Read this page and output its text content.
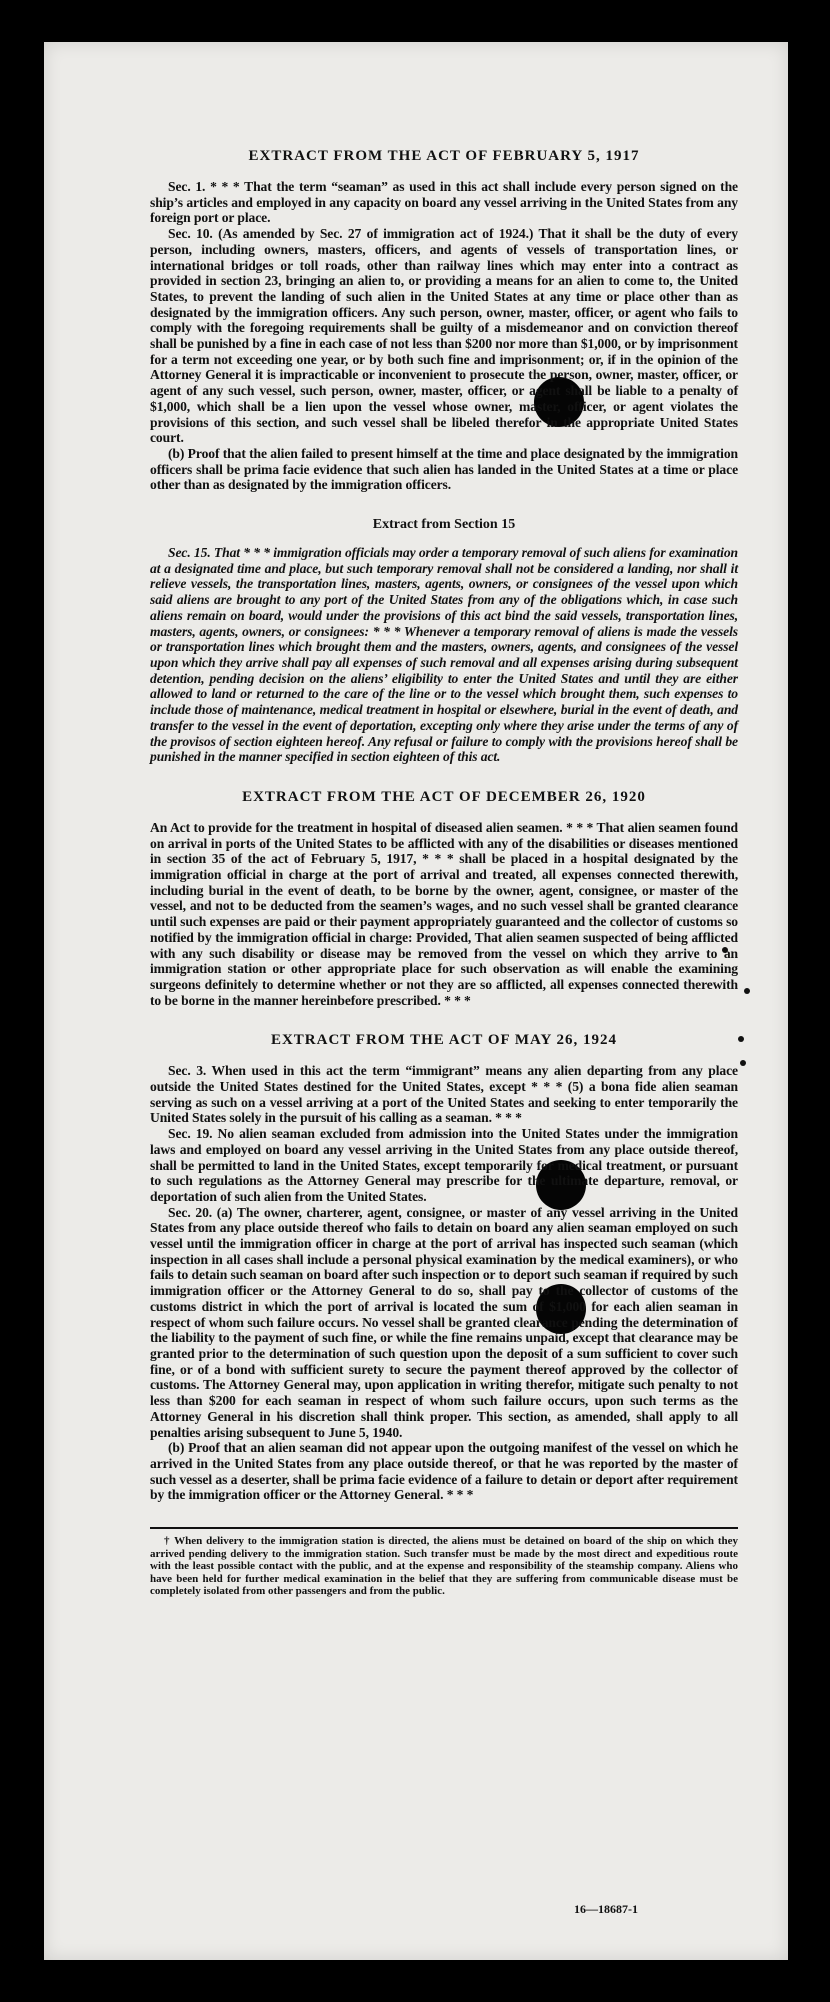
EXTRACT FROM THE ACT OF FEBRUARY 5, 1917

Sec. 1. * * * That the term “seaman” as used in this act shall include every person signed on the ship’s articles and employed in any capacity on board any vessel arriving in the United States from any foreign port or place.

Sec. 10. (As amended by Sec. 27 of immigration act of 1924.) That it shall be the duty of every person, including owners, masters, officers, and agents of vessels of transportation lines, or international bridges or toll roads, other than railway lines which may enter into a contract as provided in section 23, bringing an alien to, or providing a means for an alien to come to, the United States, to prevent the landing of such alien in the United States at any time or place other than as designated by the immigration officers. Any such person, owner, master, officer, or agent who fails to comply with the foregoing requirements shall be guilty of a misdemeanor and on conviction thereof shall be punished by a fine in each case of not less than $200 nor more than $1,000, or by imprisonment for a term not exceeding one year, or by both such fine and imprisonment; or, if in the opinion of the Attorney General it is impracticable or inconvenient to prosecute the person, owner, master, officer, or agent of any such vessel, such person, owner, master, officer, or agent shall be liable to a penalty of $1,000, which shall be a lien upon the vessel whose owner, master, officer, or agent violates the provisions of this section, and such vessel shall be libeled therefor in the appropriate United States court.

(b) Proof that the alien failed to present himself at the time and place designated by the immigration officers shall be prima facie evidence that such alien has landed in the United States at a time or place other than as designated by the immigration officers.

Extract from Section 15

Sec. 15. That * * * immigration officials may order a temporary removal of such aliens for examination at a designated time and place, but such temporary removal shall not be considered a landing, nor shall it relieve vessels, the transportation lines, masters, agents, owners, or consignees of the vessel upon which said aliens are brought to any port of the United States from any of the obligations which, in case such aliens remain on board, would under the provisions of this act bind the said vessels, transportation lines, masters, agents, owners, or consignees: * * * Whenever a temporary removal of aliens is made the vessels or transportation lines which brought them and the masters, owners, agents, and consignees of the vessel upon which they arrive shall pay all expenses of such removal and all expenses arising during subsequent detention, pending decision on the aliens’ eligibility to enter the United States and until they are either allowed to land or returned to the care of the line or to the vessel which brought them, such expenses to include those of maintenance, medical treatment in hospital or elsewhere, burial in the event of death, and transfer to the vessel in the event of deportation, excepting only where they arise under the terms of any of the provisos of section eighteen hereof. Any refusal or failure to comply with the provisions hereof shall be punished in the manner specified in section eighteen of this act.

EXTRACT FROM THE ACT OF DECEMBER 26, 1920

An Act to provide for the treatment in hospital of diseased alien seamen. * * * That alien seamen found on arrival in ports of the United States to be afflicted with any of the disabilities or diseases mentioned in section 35 of the act of February 5, 1917, * * * shall be placed in a hospital designated by the immigration official in charge at the port of arrival and treated, all expenses connected therewith, including burial in the event of death, to be borne by the owner, agent, consignee, or master of the vessel, and not to be deducted from the seamen’s wages, and no such vessel shall be granted clearance until such expenses are paid or their payment appropriately guaranteed and the collector of customs so notified by the immigration official in charge: Provided, That alien seamen suspected of being afflicted with any such disability or disease may be removed from the vessel on which they arrive to an immigration station or other appropriate place for such observation as will enable the examining surgeons definitely to determine whether or not they are so afflicted, all expenses connected therewith to be borne in the manner hereinbefore prescribed. * * *

EXTRACT FROM THE ACT OF MAY 26, 1924

Sec. 3. When used in this act the term “immigrant” means any alien departing from any place outside the United States destined for the United States, except * * * (5) a bona fide alien seaman serving as such on a vessel arriving at a port of the United States and seeking to enter temporarily the United States solely in the pursuit of his calling as a seaman. * * *

Sec. 19. No alien seaman excluded from admission into the United States under the immigration laws and employed on board any vessel arriving in the United States from any place outside thereof, shall be permitted to land in the United States, except temporarily for medical treatment, or pursuant to such regulations as the Attorney General may prescribe for the ultimate departure, removal, or deportation of such alien from the United States.

Sec. 20. (a) The owner, charterer, agent, consignee, or master of any vessel arriving in the United States from any place outside thereof who fails to detain on board any alien seaman employed on such vessel until the immigration officer in charge at the port of arrival has inspected such seaman (which inspection in all cases shall include a personal physical examination by the medical examiners), or who fails to detain such seaman on board after such inspection or to deport such seaman if required by such immigration officer or the Attorney General to do so, shall pay to the collector of customs of the customs district in which the port of arrival is located the sum of $1,000 for each alien seaman in respect of whom such failure occurs. No vessel shall be granted clearance pending the determination of the liability to the payment of such fine, or while the fine remains unpaid, except that clearance may be granted prior to the determination of such question upon the deposit of a sum sufficient to cover such fine, or of a bond with sufficient surety to secure the payment thereof approved by the collector of customs. The Attorney General may, upon application in writing therefor, mitigate such penalty to not less than $200 for each seaman in respect of whom such failure occurs, upon such terms as the Attorney General in his discretion shall think proper. This section, as amended, shall apply to all penalties arising subsequent to June 5, 1940.

(b) Proof that an alien seaman did not appear upon the outgoing manifest of the vessel on which he arrived in the United States from any place outside thereof, or that he was reported by the master of such vessel as a deserter, shall be prima facie evidence of a failure to detain or deport after requirement by the immigration officer or the Attorney General. * * *

† When delivery to the immigration station is directed, the aliens must be detained on board of the ship on which they arrived pending delivery to the immigration station. Such transfer must be made by the most direct and expeditious route with the least possible contact with the public, and at the expense and responsibility of the steamship company. Aliens who have been held for further medical examination in the belief that they are suffering from communicable disease must be completely isolated from other passengers and from the public.
16—18687-1
